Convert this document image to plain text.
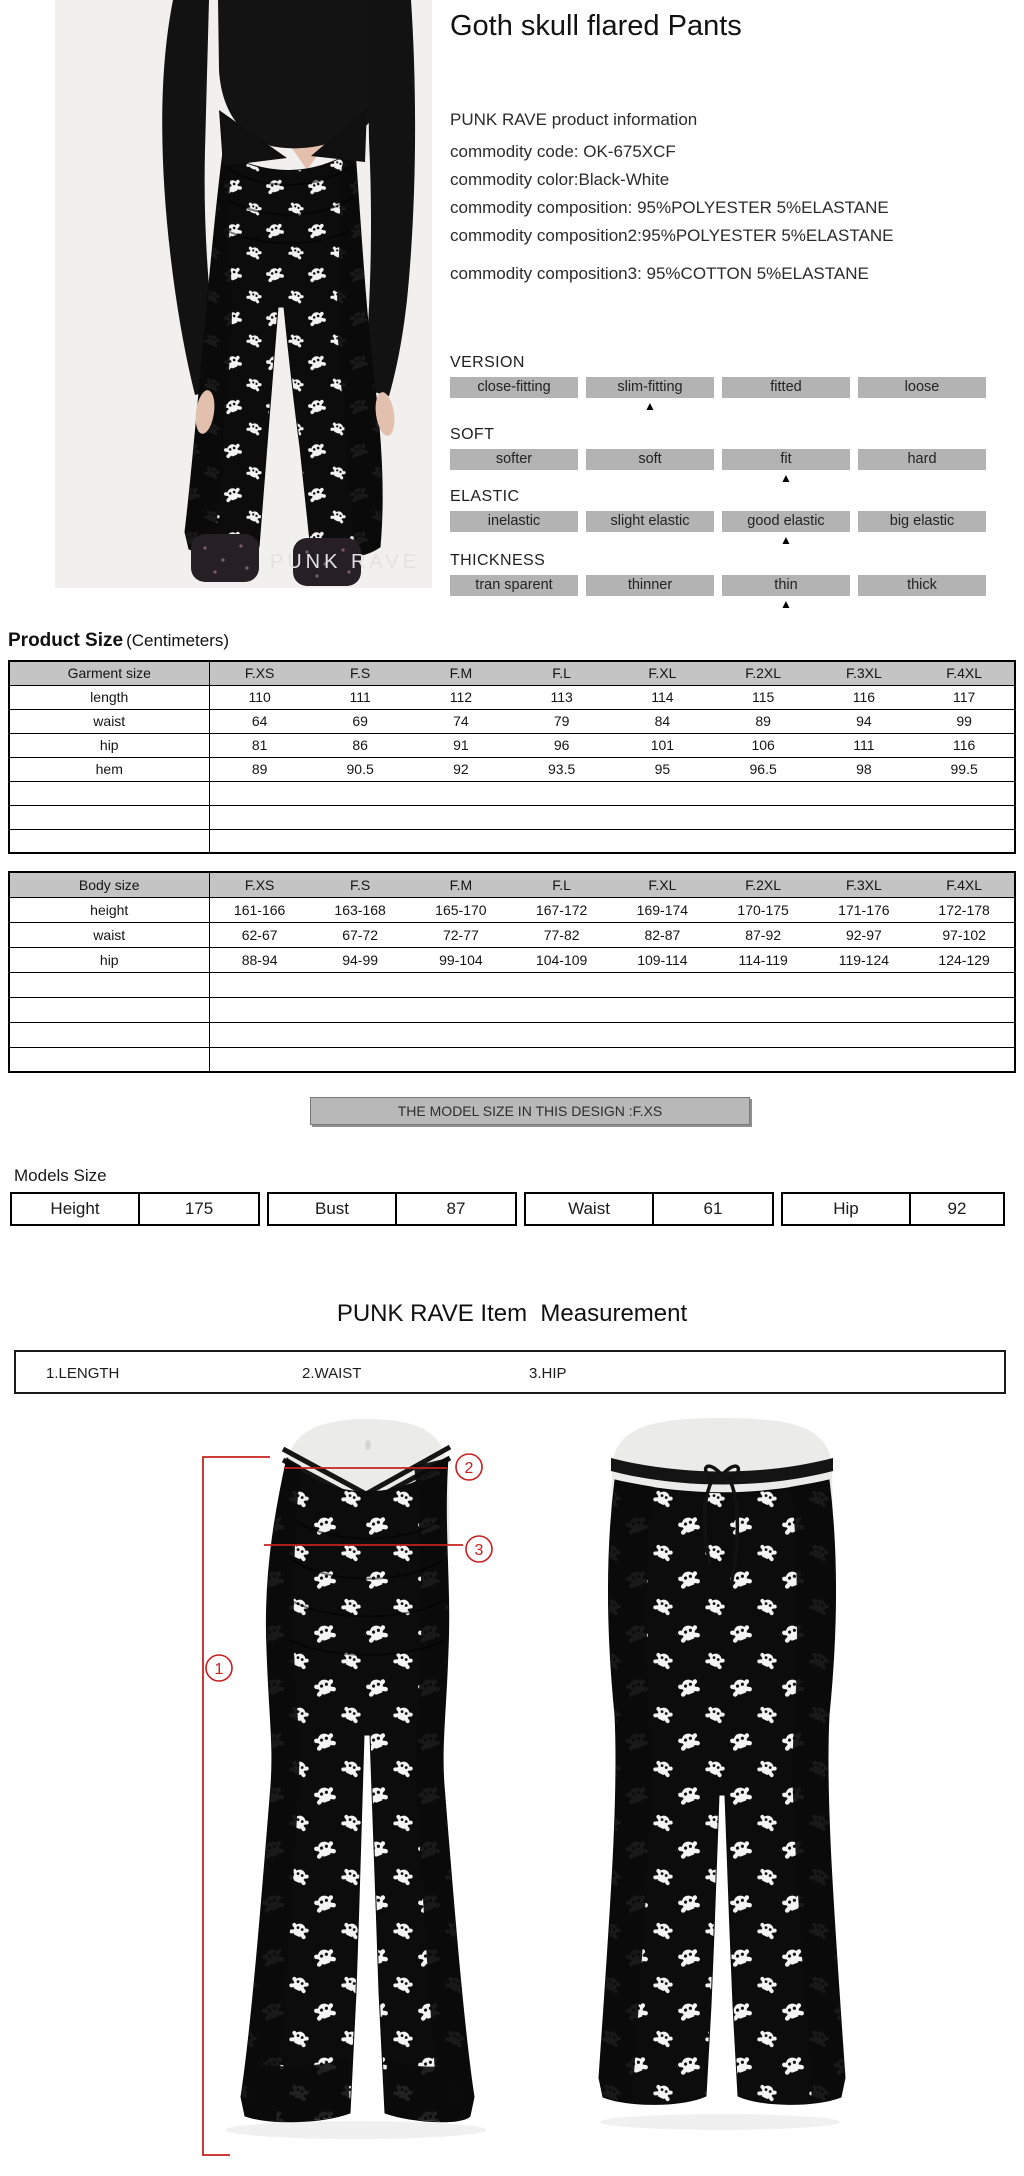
PUNK RAVE
Goth skull flared Pants
PUNK RAVE product information
commodity code: OK-675XCF
commodity color:Black-White
commodity composition: 95%POLYESTER 5%ELASTANE
commodity composition2:95%POLYESTER 5%ELASTANE
commodity composition3: 95%COTTON 5%ELASTANE
VERSION
close-fitting	slim-fitting	fitted	loose
▲
SOFT
softer	soft	fit	hard
▲
ELASTIC
inelastic	slight elastic	good elastic	big elastic
▲
THICKNESS
tran sparent	thinner	thin	thick
▲
Product Size (Centimeters)
Garment size	F.XS	F.S	F.M	F.L	F.XL	F.2XL	F.3XL	F.4XL
length	110	111	112	113	114	115	116	117
waist	64	69	74	79	84	89	94	99
hip	81	86	91	96	101	106	111	116
hem	89	90.5	92	93.5	95	96.5	98	99.5

Body size	F.XS	F.S	F.M	F.L	F.XL	F.2XL	F.3XL	F.4XL
height	161-166	163-168	165-170	167-172	169-174	170-175	171-176	172-178
waist	62-67	67-72	72-77	77-82	82-87	87-92	92-97	97-102
hip	88-94	94-99	99-104	104-109	109-114	114-119	119-124	124-129

THE MODEL SIZE IN THIS DESIGN :F.XS
Models Size
Height	175	Bust	87	Waist	61	Hip	92
PUNK RAVE Item  Measurement
1.LENGTH	2.WAIST	3.HIP
1
2
3
